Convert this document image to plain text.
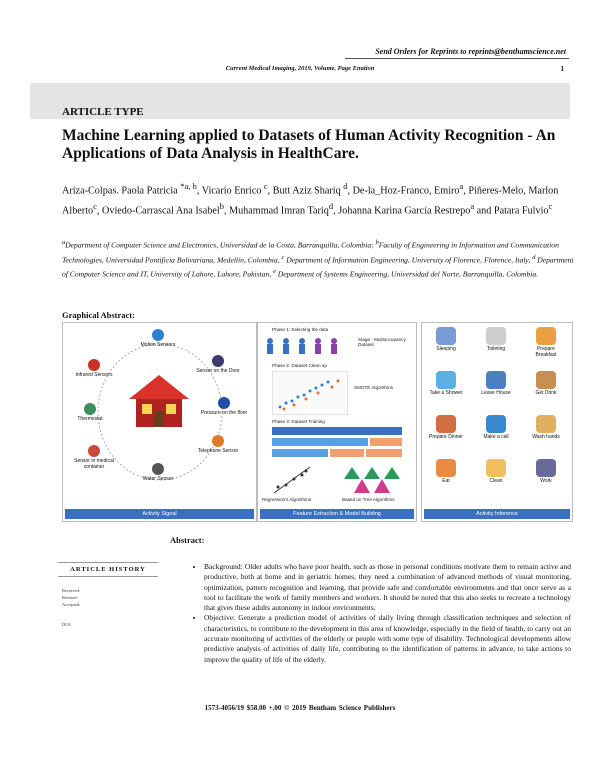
Send Orders for Reprints to reprints@benthamscience.net
Current Medical Imaging, 2019, Volume, Page Enation	1
ARTICLE TYPE
Machine Learning applied to Datasets of Human Activity Recognition - An Applications of Data Analysis in HealthCare.
Ariza-Colpas. Paola Patricia $^{*a, b}$, Vicario Enrico $^c$, Butt Aziz Shariq $^d$, De-la_Hoz-Franco, Emiro$^a$, Piñeres-Melo, Marlon Alberto$^c$, Oviedo-Carrascal Ana Isabel$^b$, Muhammad Imran Tariq$^d$, Johanna Karina García Restrepo$^a$ and Patara Fulvio$^c$
$^a$Department of Computer Science and Electronics, Universidad de la Costa, Barranquilla, Colombia; $^b$Faculty of Engineering in Information and Communication Technologies, Universidad Pontificia Bolivariana, Medellín, Colombia, $^c$ Department of Information Engineering, University of Florence, Florence, Italy, $^d$ Department of Computer Science and IT, University of Lahore, Lahore, Pakistan, $^e$ Department of Systems Engineering, Universidad del Norte, Barranquilla, Colombia.
Graphical Abstract:
Motion Sensors
Sensor on the Door
Pressure on the floor
Telephone Sensor
Water Sensor
Sensor in medical container
Thermostat
Infrared Sensors
Activity Signal
Phase 1: Selecting the data
Stage - Multioccupancy Dataset
Phase 2: Dataset Clean up
SMOTE Algorithms
Phase 3: Dataset Training
Regression's Algorithms	Based on Tree Algorithms
Feature Extraction & Model Building
Sleeping	Toileting	Prepare Breakfast
Take a Shower	Leave House	Get Drink
Prepare Dinner	Make a call	Wash hands
Eat	Clean	Work
Activity Inference
Abstract:
ARTICLE HISTORY
Received:
Revised:
Accepted:
DOI:
• Background: Older adults who have poor health, such as those in personal conditions motivate them to remain active and productive, both at home and in geriatric homes, they need a combination of advanced methods of visual monitoring, optimization, pattern recognition and learning, that provide safe and comfortable environments and that once serve as a tool to facilitate the work of family members and workers. It should be noted that this also seeks to recreate a technology that gives these adults autonomy in indoor environments.
• Objective: Generate a prediction model of activities of daily living through classification techniques and selection of characteristics, to contribute to the development in this area of knowledge, especially in the field of health, to carry out an accurate monitoring of activities of the elderly or people with some type of disability. Technological developments allow predictive analysis of activities of daily life, contributing to the identification of patterns in advance, to take actions to improve the quality of life of the elderly.
1573-4056/19 $58.00 +.00 © 2019 Bentham Science Publishers
